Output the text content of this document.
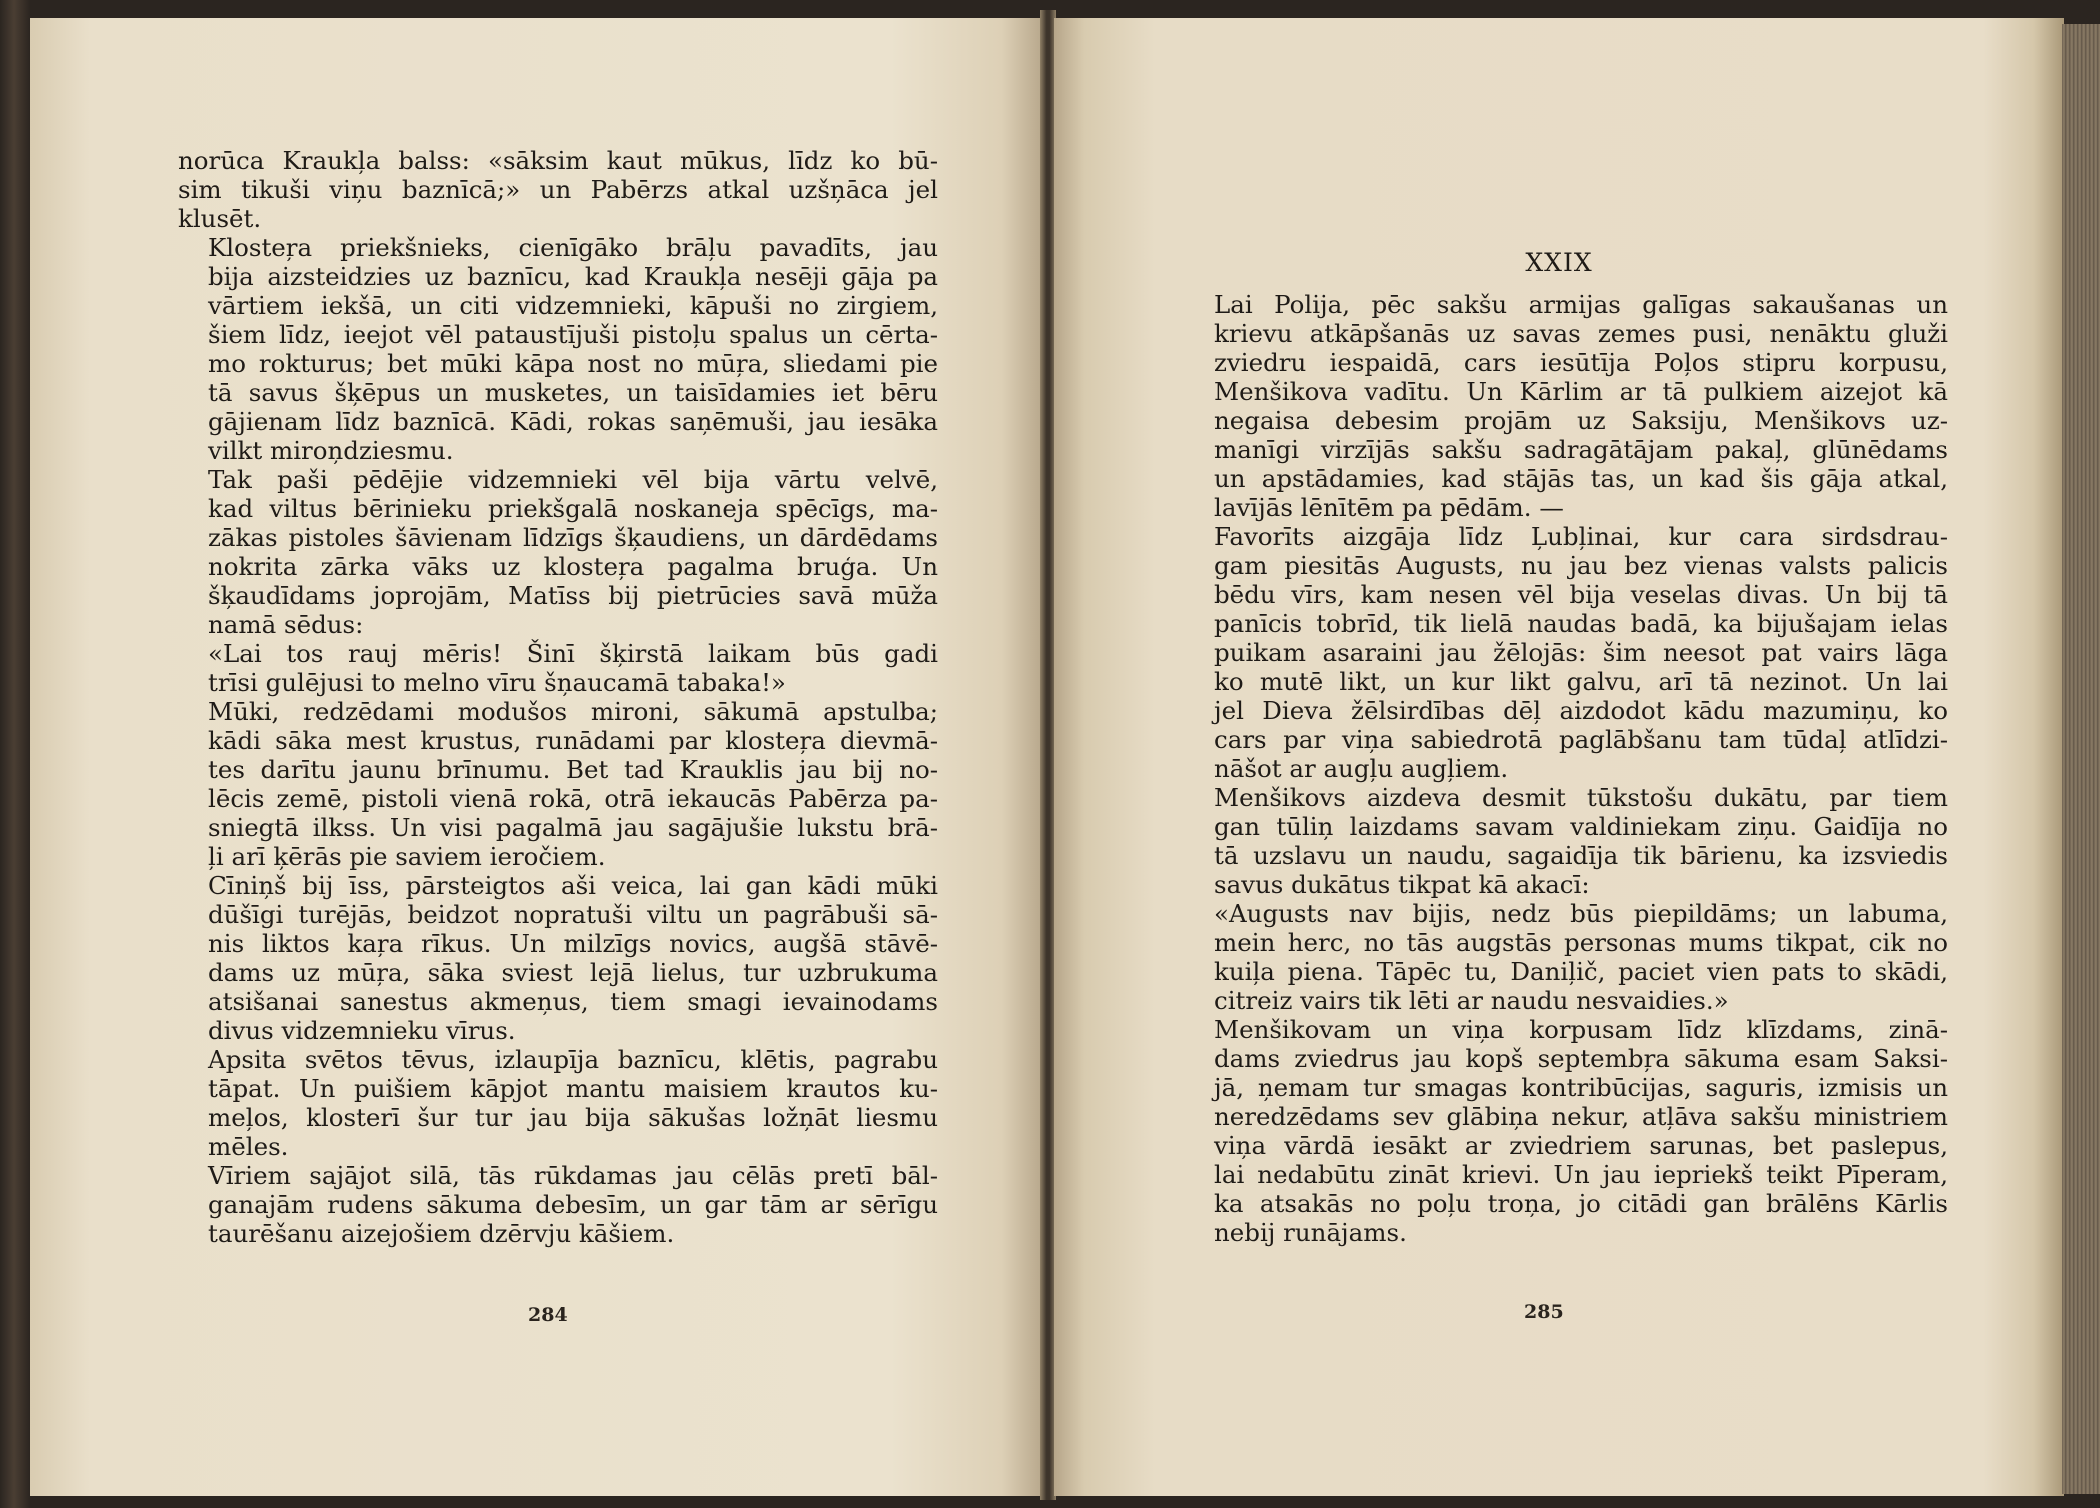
norūca Kraukļa balss: «sāksim kaut mūkus, līdz ko bū-
sim tikuši viņu baznīcā;» un Pabērzs atkal uzšņāca jel
klusēt.

Klosteŗa priekšnieks, cienīgāko brāļu pavadīts, jau
bija aizsteidzies uz baznīcu, kad Kraukļa nesēji gāja pa
vārtiem iekšā, un citi vidzemnieki, kāpuši no zirgiem,
šiem līdz, ieejot vēl pataustījuši pistoļu spalus un cērta-
mo rokturus; bet mūki kāpa nost no mūŗa, sliedami pie
tā savus šķēpus un musketes, un taisīdamies iet bēru
gājienam līdz baznīcā. Kādi, rokas saņēmuši, jau iesāka
vilkt miroņdziesmu.

Tak paši pēdējie vidzemnieki vēl bija vārtu velvē,
kad viltus bērinieku priekšgalā noskaneja spēcīgs, ma-
zākas pistoles šāvienam līdzīgs šķaudiens, un dārdēdams
nokrita zārka vāks uz klosteŗa pagalma bruģa. Un
šķaudīdams joprojām, Matīss bij pietrūcies savā mūža
namā sēdus:

«Lai tos rauj mēris! Šinī šķirstā laikam būs gadi
trīsi gulējusi to melno vīru šņaucamā tabaka!»

Mūki, redzēdami modušos mironi, sākumā apstulba;
kādi sāka mest krustus, runādami par klosteŗa dievmā-
tes darītu jaunu brīnumu. Bet tad Krauklis jau bij no-
lēcis zemē, pistoli vienā rokā, otrā iekaucās Pabērza pa-
sniegtā ilkss. Un visi pagalmā jau sagājušie lukstu brā-
ļi arī ķērās pie saviem ieročiem.

Cīniņš bij īss, pārsteigtos aši veica, lai gan kādi mūki
dūšīgi turējās, beidzot nopratuši viltu un pagrābuši sā-
nis liktos kaŗa rīkus. Un milzīgs novics, augšā stāvē-
dams uz mūŗa, sāka sviest lejā lielus, tur uzbrukuma
atsišanai sanestus akmeņus, tiem smagi ievainodams
divus vidzemnieku vīrus.

Apsita svētos tēvus, izlaupīja baznīcu, klētis, pagrabu
tāpat. Un puišiem kāpjot mantu maisiem krautos ku-
meļos, klosterī šur tur jau bija sākušas ložņāt liesmu
mēles.

Vīriem sajājot silā, tās rūkdamas jau cēlās pretī bāl-
ganajām rudens sākuma debesīm, un gar tām ar sērīgu
taurēšanu aizejošiem dzērvju kāšiem.

284
XXIX

Lai Polija, pēc sakšu armijas galīgas sakaušanas un
krievu atkāpšanās uz savas zemes pusi, nenāktu gluži
zviedru iespaidā, cars iesūtīja Poļos stipru korpusu,
Menšikova vadītu. Un Kārlim ar tā pulkiem aizejot kā
negaisa debesim projām uz Saksiju, Menšikovs uz-
manīgi virzījās sakšu sadragātājam pakaļ, glūnēdams
un apstādamies, kad stājās tas, un kad šis gāja atkal,
lavījās lēnītēm pa pēdām. —

Favorīts aizgāja līdz Ļubļinai, kur cara sirdsdrau-
gam piesitās Augusts, nu jau bez vienas valsts palicis
bēdu vīrs, kam nesen vēl bija veselas divas. Un bij tā
panīcis tobrīd, tik lielā naudas badā, ka bijušajam ielas
puikam asaraini jau žēlojās: šim neesot pat vairs lāga
ko mutē likt, un kur likt galvu, arī tā nezinot. Un lai
jel Dieva žēlsirdības dēļ aizdodot kādu mazumiņu, ko
cars par viņa sabiedrotā paglābšanu tam tūdaļ atlīdzi-
nāšot ar augļu augļiem.

Menšikovs aizdeva desmit tūkstošu dukātu, par tiem
gan tūliņ laizdams savam valdiniekam ziņu. Gaidīja no
tā uzslavu un naudu, sagaidīja tik bārienu, ka izsviedis
savus dukātus tikpat kā akacī:

«Augusts nav bijis, nedz būs piepildāms; un labuma,
mein herc, no tās augstās personas mums tikpat, cik no
kuiļa piena. Tāpēc tu, Daniļič, paciet vien pats to skādi,
citreiz vairs tik lēti ar naudu nesvaidies.»

Menšikovam un viņa korpusam līdz klīzdams, zinā-
dams zviedrus jau kopš septembŗa sākuma esam Saksi-
jā, ņemam tur smagas kontribūcijas, saguris, izmisis un
neredzēdams sev glābiņa nekur, atļāva sakšu ministriem
viņa vārdā iesākt ar zviedriem sarunas, bet paslepus,
lai nedabūtu zināt krievi. Un jau iepriekš teikt Pīperam,
ka atsakās no poļu troņa, jo citādi gan brālēns Kārlis
nebij runājams.

285
